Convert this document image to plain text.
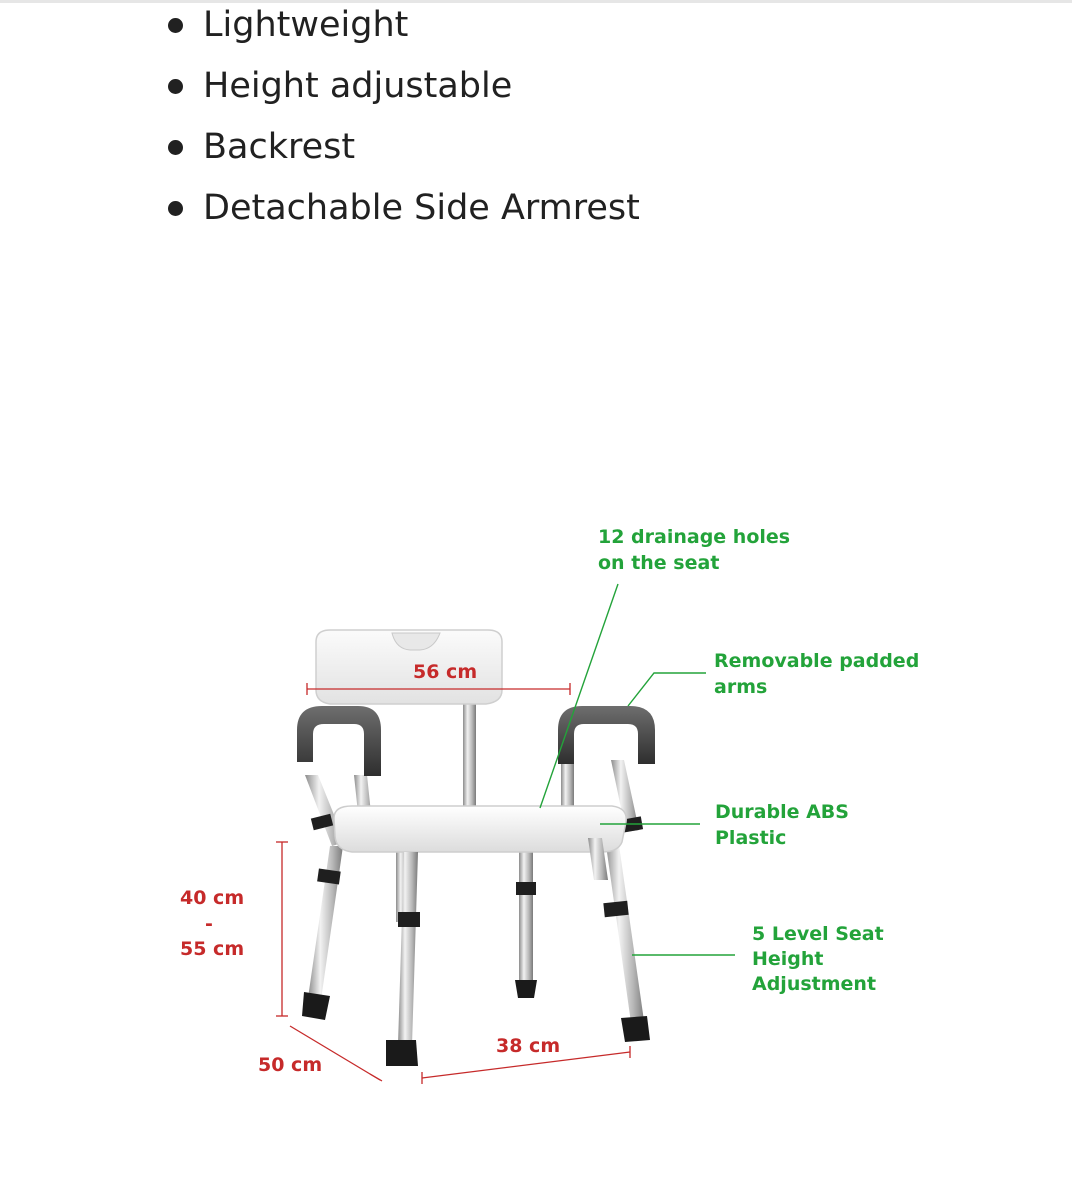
Lightweight
Height adjustable
Backrest
Detachable Side Armrest
56 cm
40 cm
-
55 cm
50 cm
38 cm
12 drainage holes
on the seat
Removable padded
arms
Durable ABS
Plastic
5 Level Seat
Height
Adjustment
